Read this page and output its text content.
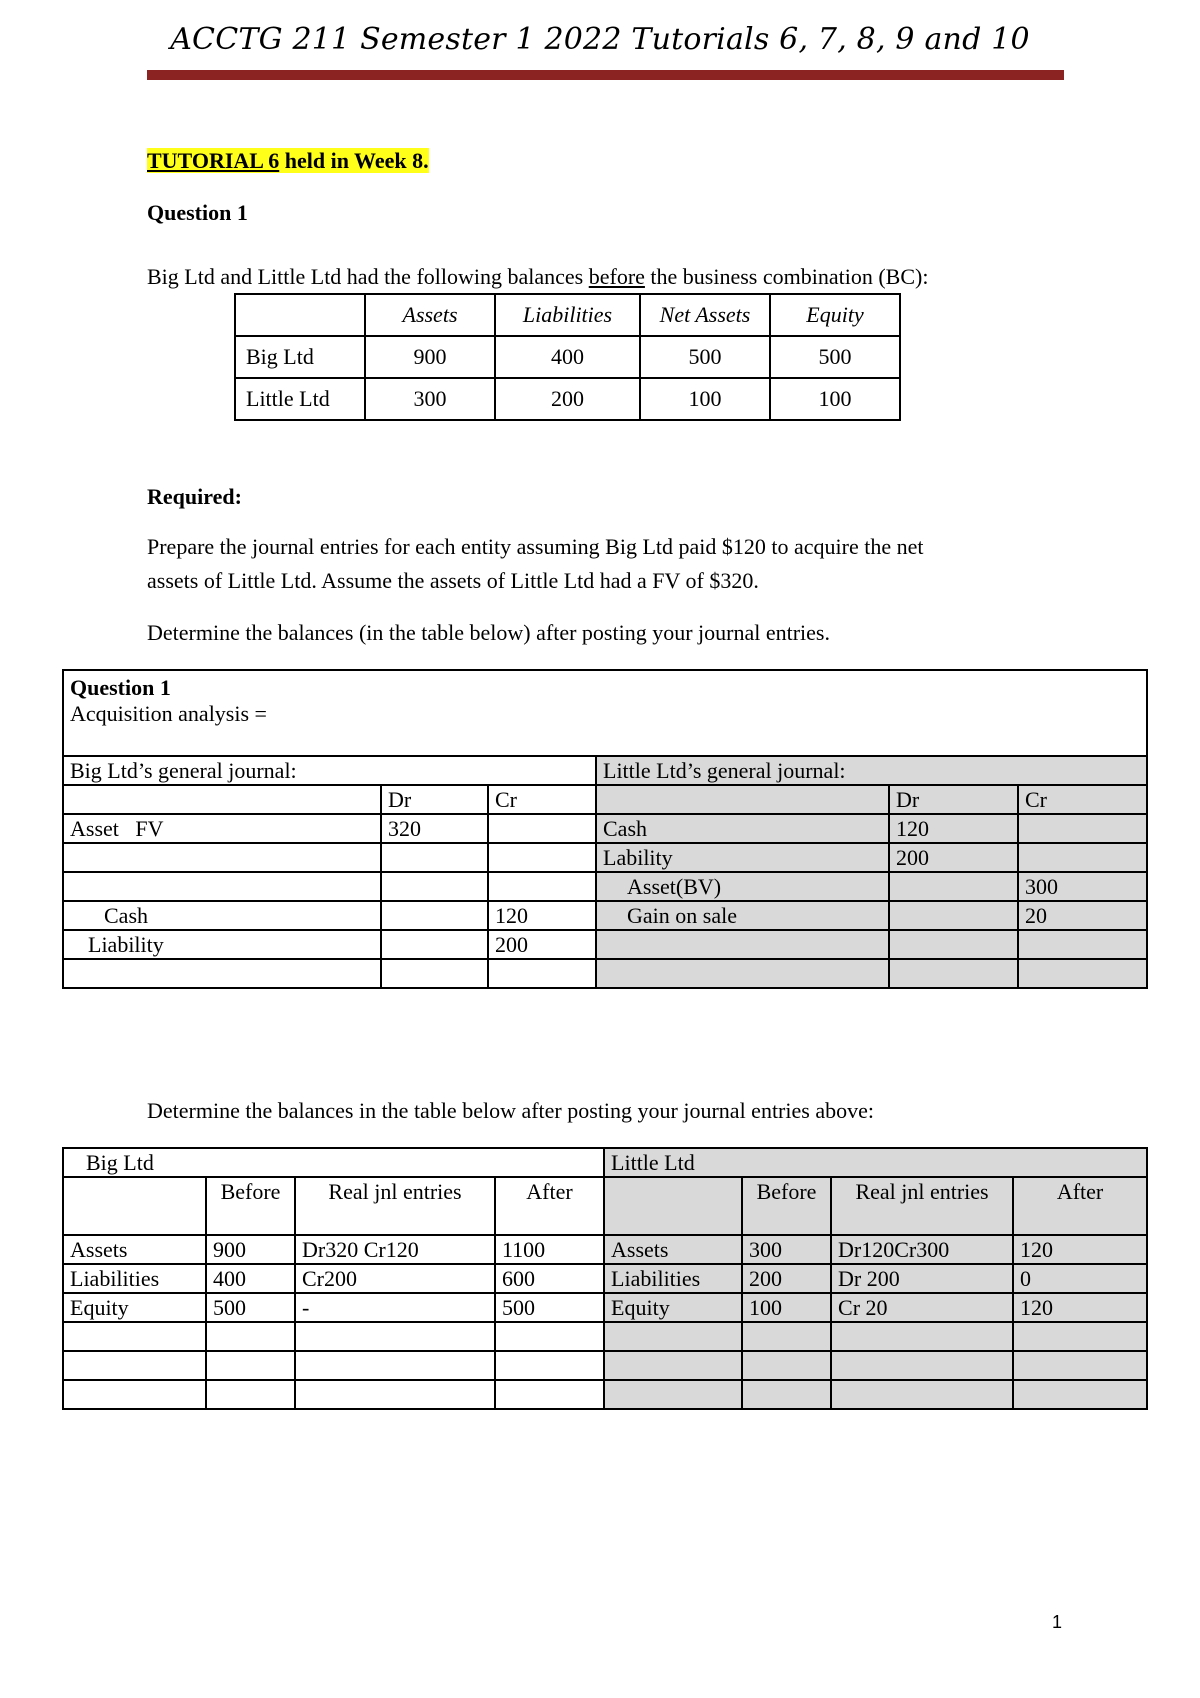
ACCTG 211 Semester 1 2022 Tutorials 6, 7, 8, 9 and 10
TUTORIAL 6 held in Week 8.
Question 1
Big Ltd and Little Ltd had the following balances before the business combination (BC):
	Assets	Liabilities	Net Assets	Equity
Big Ltd	900	400	500	500
Little Ltd	300	200	100	100
Required:
Prepare the journal entries for each entity assuming Big Ltd paid $120 to acquire the net
assets of Little Ltd. Assume the assets of Little Ltd had a FV of $320.
Determine the balances (in the table below) after posting your journal entries.
Question 1
Acquisition analysis =					

Big Ltd’s general journal:			Little Ltd’s general journal:		
	Dr	Cr		Dr	Cr
Asset   FV	320		Cash	120	
			Lability	200	
			Asset(BV)		300
Cash		120	Gain on sale		20
Liability		200			

Determine the balances in the table below after posting your journal entries above:
Big Ltd				Little Ltd			
	Before	Real jnl entries	After		Before	Real jnl entries	After
Assets	900	Dr320 Cr120	1100	Assets	300	Dr120Cr300	120
Liabilities	400	Cr200	600	Liabilities	200	Dr 200	0
Equity	500	-	500	Equity	100	Cr 20	120

1
